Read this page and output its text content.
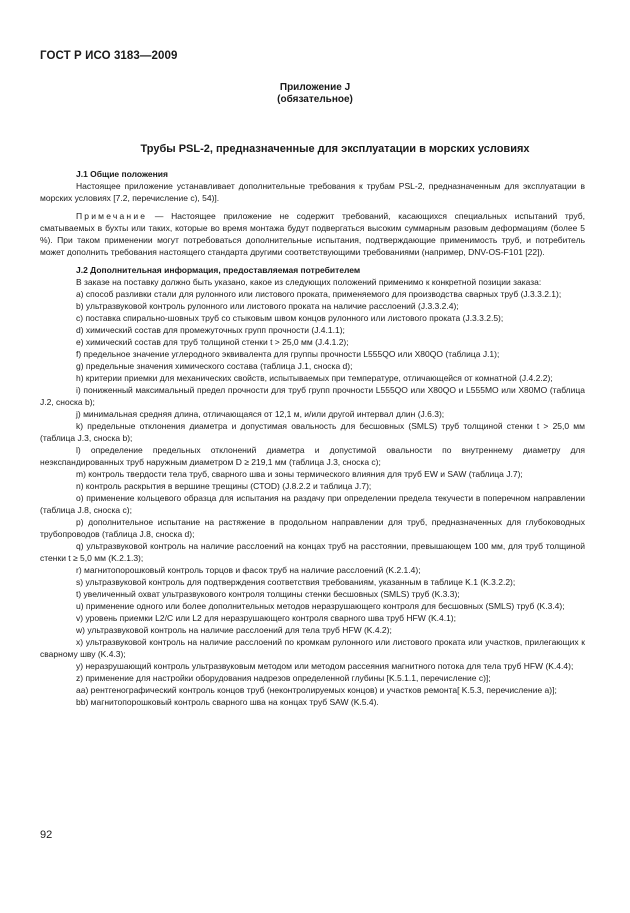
ГОСТ Р ИСО 3183—2009
Приложение J
(обязательное)
Трубы PSL-2, предназначенные для эксплуатации в морских условиях

J.1 Общие положения

Настоящее приложение устанавливает дополнительные требования к трубам PSL-2, предназначенным для эксплуатации в морских условиях [7.2, перечисление с), 54)].

Примечание — Настоящее приложение не содержит требований, касающихся специальных испытаний труб, сматываемых в бухты или таких, которые во время монтажа будут подвергаться высоким суммарным разовым деформациям (более 5 %). При таком применении могут потребоваться дополнительные испытания, подтверждающие применимость труб, и потребитель может дополнить требования настоящего стандарта другими соответствующими требованиями (например, DNV-OS-F101 [22]).

J.2 Дополнительная информация, предоставляемая потребителем

В заказе на поставку должно быть указано, какое из следующих положений применимо к конкретной позиции заказа:

a) способ разливки стали для рулонного или листового проката, применяемого для производства сварных труб (J.3.3.2.1);

b) ультразвуковой контроль рулонного или листового проката на наличие расслоений (J.3.3.2.4);

c) поставка спирально-шовных труб со стыковым швом концов рулонного или листового проката (J.3.3.2.5);

d) химический состав для промежуточных групп прочности (J.4.1.1);

e) химический состав для труб толщиной стенки t > 25,0 мм (J.4.1.2);

f) предельное значение углеродного эквивалента для группы прочности L555QO или X80QO (таблица J.1);

g) предельные значения химического состава (таблица J.1, сноска d);

h) критерии приемки для механических свойств, испытываемых при температуре, отличающейся от комнатной (J.4.2.2);

i) пониженный максимальный предел прочности для труб групп прочности L555QO или X80QO и L555MO или X80MO (таблица J.2, сноска b);

j) минимальная средняя длина, отличающаяся от 12,1 м, и/или другой интервал длин (J.6.3);

k) предельные отклонения диаметра и допустимая овальность для бесшовных (SMLS) труб толщиной стенки t > 25,0 мм (таблица J.3, сноска b);

l) определение предельных отклонений диаметра и допустимой овальности по внутреннему диаметру для неэкспандированных труб наружным диаметром D ≥ 219,1 мм (таблица J.3, сноска c);

m) контроль твердости тела труб, сварного шва и зоны термического влияния для труб EW и SAW (таблица J.7);

n) контроль раскрытия в вершине трещины (CTOD) (J.8.2.2 и таблица J.7);

o) применение кольцевого образца для испытания на раздачу при определении предела текучести в поперечном направлении (таблица J.8, сноска c);

p) дополнительное испытание на растяжение в продольном направлении для труб, предназначенных для глубоководных трубопроводов (таблица J.8, сноска d);

q) ультразвуковой контроль на наличие расслоений на концах труб на расстоянии, превышающем 100 мм, для труб толщиной стенки t ≥ 5,0 мм (K.2.1.3);

r) магнитопорошковый контроль торцов и фасок труб на наличие расслоений (K.2.1.4);

s) ультразвуковой контроль для подтверждения соответствия требованиям, указанным в таблице K.1 (K.3.2.2);

t) увеличенный охват ультразвукового контроля толщины стенки бесшовных (SMLS) труб (K.3.3);

u) применение одного или более дополнительных методов неразрушающего контроля для бесшовных (SMLS) труб (K.3.4);

v) уровень приемки L2/C или L2 для неразрушающего контроля сварного шва труб HFW (K.4.1);

w) ультразвуковой контроль на наличие расслоений для тела труб HFW (K.4.2);

x) ультразвуковой контроль на наличие расслоений по кромкам рулонного или листового проката или участков, прилегающих к сварному шву (K.4.3);

y) неразрушающий контроль ультразвуковым методом или методом рассеяния магнитного потока для тела труб HFW (K.4.4);

z) применение для настройки оборудования надрезов определенной глубины [K.5.1.1, перечисление c)];

aa) рентгенографический контроль концов труб (неконтролируемых концов) и участков ремонта[ K.5.3, перечисление a)];

bb) магнитопорошковый контроль сварного шва на концах труб SAW (K.5.4).

92
